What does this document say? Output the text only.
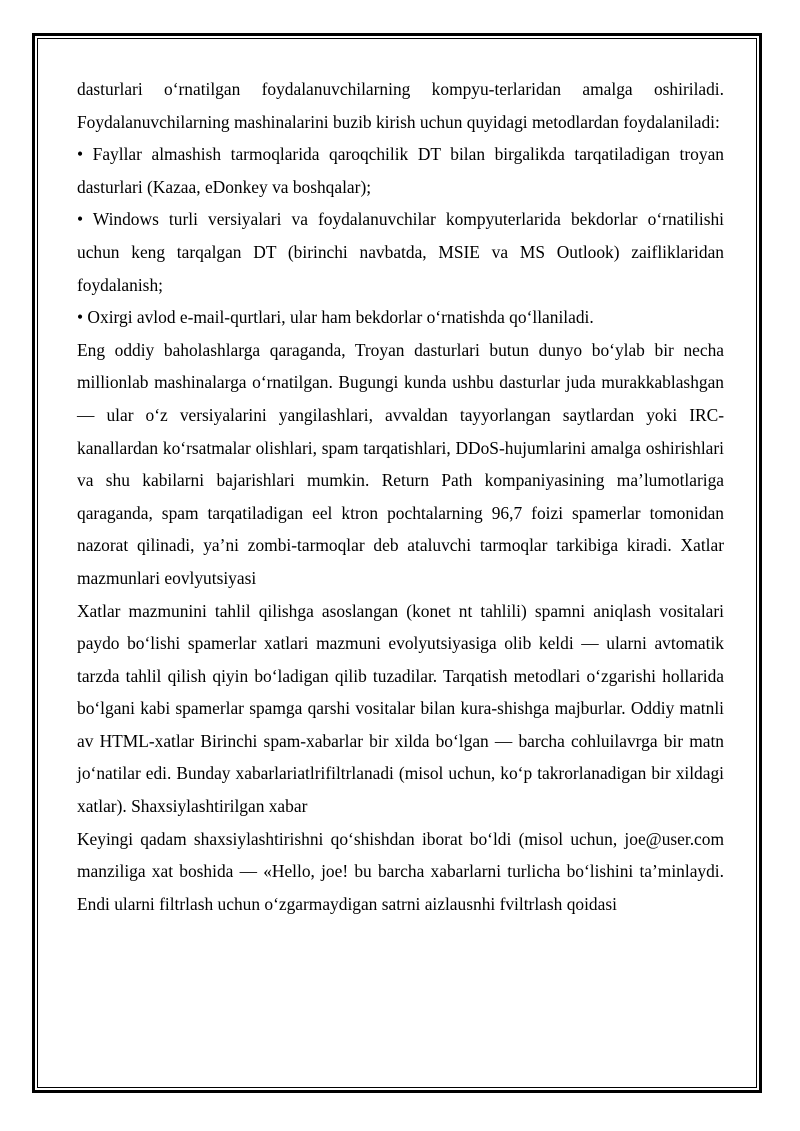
dasturlari o‘rnatilgan foydalanuvchilarning kompyu-terlaridan amalga oshiriladi. Foydalanuvchilarning mashinalarini buzib kirish uchun quyidagi metodlardan foydalaniladi:

• Fayllar almashish tarmoqlarida qaroqchilik DT bilan birgalikda tarqatiladigan troyan dasturlari (Kazaa, eDonkey va boshqalar);

• Windows turli versiyalari va foydalanuvchilar kompyuterlarida bekdorlar o‘rnatilishi uchun keng tarqalgan DT (birinchi navbatda, MSIE va MS Outlook) zaifliklaridan foydalanish;

• Oxirgi avlod e-mail-qurtlari, ular ham bekdorlar o‘rnatishda qo‘llaniladi.

Eng oddiy baholashlarga qaraganda, Troyan dasturlari butun dunyo bo‘ylab bir necha millionlab mashinalarga o‘rnatilgan. Bugungi kunda ushbu dasturlar juda murakkablashgan — ular o‘z versiyalarini yangilashlari, avvaldan tayyorlangan saytlardan yoki IRC-kanallardan ko‘rsatmalar olishlari, spam tarqatishlari, DDoS-hujumlarini amalga oshirishlari va shu kabilarni bajarishlari mumkin. Return Path kompaniyasining ma’lumotlariga qaraganda, spam tarqatiladigan eel ktron pochtalarning 96,7 foizi spamerlar tomonidan nazorat qilinadi, ya’ni zombi-tarmoqlar deb ataluvchi tarmoqlar tarkibiga kiradi. Xatlar mazmunlari eovlyutsiyasi

Xatlar mazmunini tahlil qilishga asoslangan (konet nt tahlili) spamni aniqlash vositalari paydo bo‘lishi spamerlar xatlari mazmuni evolyutsiyasiga olib keldi — ularni avtomatik tarzda tahlil qilish qiyin bo‘ladigan qilib tuzadilar. Tarqatish metodlari o‘zgarishi hollarida bo‘lgani kabi spamerlar spamga qarshi vositalar bilan kura-shishga majburlar. Oddiy matnli av HTML-xatlar Birinchi spam-xabarlar bir xilda bo‘lgan — barcha cohluilavrga bir matn jo‘natilar edi. Bunday xabarlariatlrifiltrlanadi (misol uchun, ko‘p takrorlanadigan bir xildagi xatlar). Shaxsiylashtirilgan xabar

Keyingi qadam shaxsiylashtirishni qo‘shishdan iborat bo‘ldi (misol uchun, joe@user.com manziliga xat boshida — «Hello, joe! bu barcha xabarlarni turlicha bo‘lishini ta’minlaydi. Endi ularni filtrlash uchun o‘zgarmaydigan satrni aizlausnhi fviltrlash qoidasi
